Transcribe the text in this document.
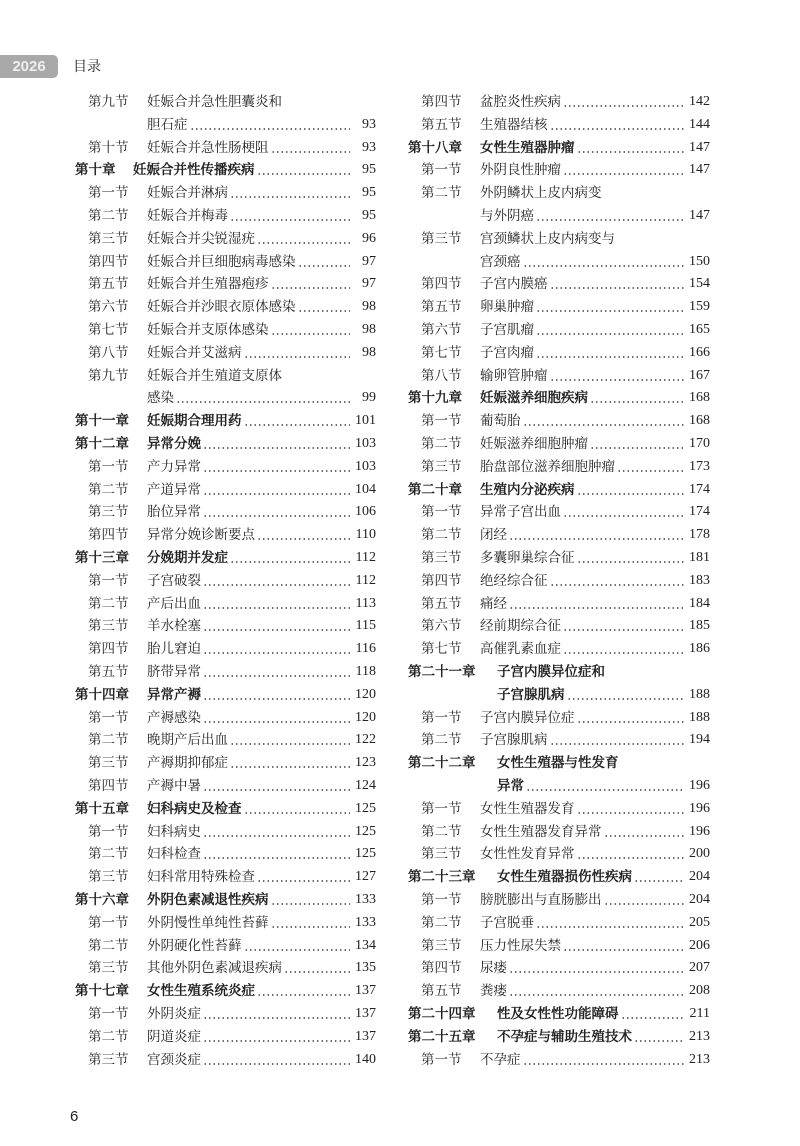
2026	目录
第九节 妊娠合并急性胆囊炎和
胆石症	93
第十节 妊娠合并急性肠梗阻	93
第十章 妊娠合并性传播疾病	95
第一节 妊娠合并淋病	95
第二节 妊娠合并梅毒	95
第三节 妊娠合并尖锐湿疣	96
第四节 妊娠合并巨细胞病毒感染	97
第五节 妊娠合并生殖器疱疹	97
第六节 妊娠合并沙眼衣原体感染	98
第七节 妊娠合并支原体感染	98
第八节 妊娠合并艾滋病	98
第九节 妊娠合并生殖道支原体
感染	99
第十一章 妊娠期合理用药	101
第十二章 异常分娩	103
第一节 产力异常	103
第二节 产道异常	104
第三节 胎位异常	106
第四节 异常分娩诊断要点	110
第十三章 分娩期并发症	112
第一节 子宫破裂	112
第二节 产后出血	113
第三节 羊水栓塞	115
第四节 胎儿窘迫	116
第五节 脐带异常	118
第十四章 异常产褥	120
第一节 产褥感染	120
第二节 晚期产后出血	122
第三节 产褥期抑郁症	123
第四节 产褥中暑	124
第十五章 妇科病史及检查	125
第一节 妇科病史	125
第二节 妇科检查	125
第三节 妇科常用特殊检查	127
第十六章 外阴色素减退性疾病	133
第一节 外阴慢性单纯性苔藓	133
第二节 外阴硬化性苔藓	134
第三节 其他外阴色素减退疾病	135
第十七章 女性生殖系统炎症	137
第一节 外阴炎症	137
第二节 阴道炎症	137
第三节 宫颈炎症	140
第四节 盆腔炎性疾病	142
第五节 生殖器结核	144
第十八章 女性生殖器肿瘤	147
第一节 外阴良性肿瘤	147
第二节 外阴鳞状上皮内病变
与外阴癌	147
第三节 宫颈鳞状上皮内病变与
宫颈癌	150
第四节 子宫内膜癌	154
第五节 卵巢肿瘤	159
第六节 子宫肌瘤	165
第七节 子宫肉瘤	166
第八节 输卵管肿瘤	167
第十九章 妊娠滋养细胞疾病	168
第一节 葡萄胎	168
第二节 妊娠滋养细胞肿瘤	170
第三节 胎盘部位滋养细胞肿瘤	173
第二十章 生殖内分泌疾病	174
第一节 异常子宫出血	174
第二节 闭经	178
第三节 多囊卵巢综合征	181
第四节 绝经综合征	183
第五节 痛经	184
第六节 经前期综合征	185
第七节 高催乳素血症	186
第二十一章 子宫内膜异位症和
子宫腺肌病	188
第一节 子宫内膜异位症	188
第二节 子宫腺肌病	194
第二十二章 女性生殖器与性发育
异常	196
第一节 女性生殖器发育	196
第二节 女性生殖器发育异常	196
第三节 女性性发育异常	200
第二十三章 女性生殖器损伤性疾病	204
第一节 膀胱膨出与直肠膨出	204
第二节 子宫脱垂	205
第三节 压力性尿失禁	206
第四节 尿瘘	207
第五节 粪瘘	208
第二十四章 性及女性性功能障碍	211
第二十五章 不孕症与辅助生殖技术	213
第一节 不孕症	213
6
